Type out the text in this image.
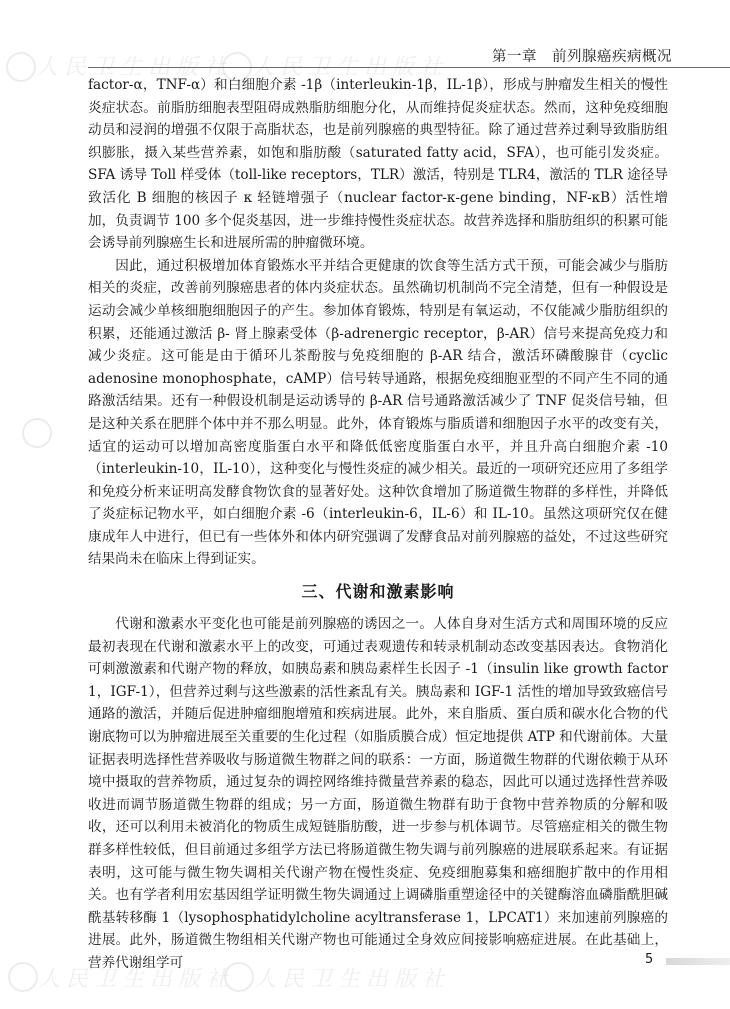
人民卫生出版社 人民卫生出版社
人民卫生出版社 人民卫生出版社
第一章　前列腺癌疾病概况

factor-α，TNF-α）和白细胞介素 -1β（interleukin-1β，IL-1β），形成与肿瘤发生相关的慢性炎症状态。前脂肪细胞表型阻碍成熟脂肪细胞分化，从而维持促炎症状态。然而，这种免疫细胞动员和浸润的增强不仅限于高脂状态，也是前列腺癌的典型特征。除了通过营养过剩导致脂肪组织膨胀，摄入某些营养素，如饱和脂肪酸（saturated fatty acid，SFA），也可能引发炎症。SFA 诱导 Toll 样受体（toll-like receptors，TLR）激活，特别是 TLR4，激活的 TLR 途径导致活化 B 细胞的核因子 κ 轻链增强子（nuclear factor-κ-gene binding，NF-κB）活性增加，负责调节 100 多个促炎基因，进一步维持慢性炎症状态。故营养选择和脂肪组织的积累可能会诱导前列腺癌生长和进展所需的肿瘤微环境。

因此，通过积极增加体育锻炼水平并结合更健康的饮食等生活方式干预，可能会减少与脂肪相关的炎症，改善前列腺癌患者的体内炎症状态。虽然确切机制尚不完全清楚，但有一种假设是运动会减少单核细胞细胞因子的产生。参加体育锻炼，特别是有氧运动，不仅能减少脂肪组织的积累，还能通过激活 β- 肾上腺素受体（β-adrenergic receptor，β-AR）信号来提高免疫力和减少炎症。这可能是由于循环儿茶酚胺与免疫细胞的 β-AR 结合，激活环磷酸腺苷（cyclic adenosine monophosphate，cAMP）信号转导通路，根据免疫细胞亚型的不同产生不同的通路激活结果。还有一种假设机制是运动诱导的 β-AR 信号通路激活减少了 TNF 促炎信号轴，但是这种关系在肥胖个体中并不那么明显。此外，体育锻炼与脂质谱和细胞因子水平的改变有关，适宜的运动可以增加高密度脂蛋白水平和降低低密度脂蛋白水平，并且升高白细胞介素 -10（interleukin-10，IL-10），这种变化与慢性炎症的减少相关。最近的一项研究还应用了多组学和免疫分析来证明高发酵食物饮食的显著好处。这种饮食增加了肠道微生物群的多样性，并降低了炎症标记物水平，如白细胞介素 -6（interleukin-6，IL-6）和 IL-10。虽然这项研究仅在健康成年人中进行，但已有一些体外和体内研究强调了发酵食品对前列腺癌的益处，不过这些研究结果尚未在临床上得到证实。

三、代谢和激素影响

代谢和激素水平变化也可能是前列腺癌的诱因之一。人体自身对生活方式和周围环境的反应最初表现在代谢和激素水平上的改变，可通过表观遗传和转录机制动态改变基因表达。食物消化可刺激激素和代谢产物的释放，如胰岛素和胰岛素样生长因子 -1（insulin like growth factor 1，IGF-1），但营养过剩与这些激素的活性紊乱有关。胰岛素和 IGF-1 活性的增加导致致癌信号通路的激活，并随后促进肿瘤细胞增殖和疾病进展。此外，来自脂质、蛋白质和碳水化合物的代谢底物可以为肿瘤进展至关重要的生化过程（如脂质膜合成）恒定地提供 ATP 和代谢前体。大量证据表明选择性营养吸收与肠道微生物群之间的联系：一方面，肠道微生物群的代谢依赖于从环境中摄取的营养物质，通过复杂的调控网络维持微量营养素的稳态，因此可以通过选择性营养吸收进而调节肠道微生物群的组成；另一方面，肠道微生物群有助于食物中营养物质的分解和吸收，还可以利用未被消化的物质生成短链脂肪酸，进一步参与机体调节。尽管癌症相关的微生物群多样性较低，但目前通过多组学方法已将肠道微生物失调与前列腺癌的进展联系起来。有证据表明，这可能与微生物失调相关代谢产物在慢性炎症、免疫细胞募集和癌细胞扩散中的作用相关。也有学者利用宏基因组学证明微生物失调通过上调磷脂重塑途径中的关键酶溶血磷脂酰胆碱酰基转移酶 1（lysophosphatidylcholine acyltransferase 1，LPCAT1）来加速前列腺癌的进展。此外，肠道微生物组相关代谢产物也可能通过全身效应间接影响癌症进展。在此基础上，营养代谢组学可	5
